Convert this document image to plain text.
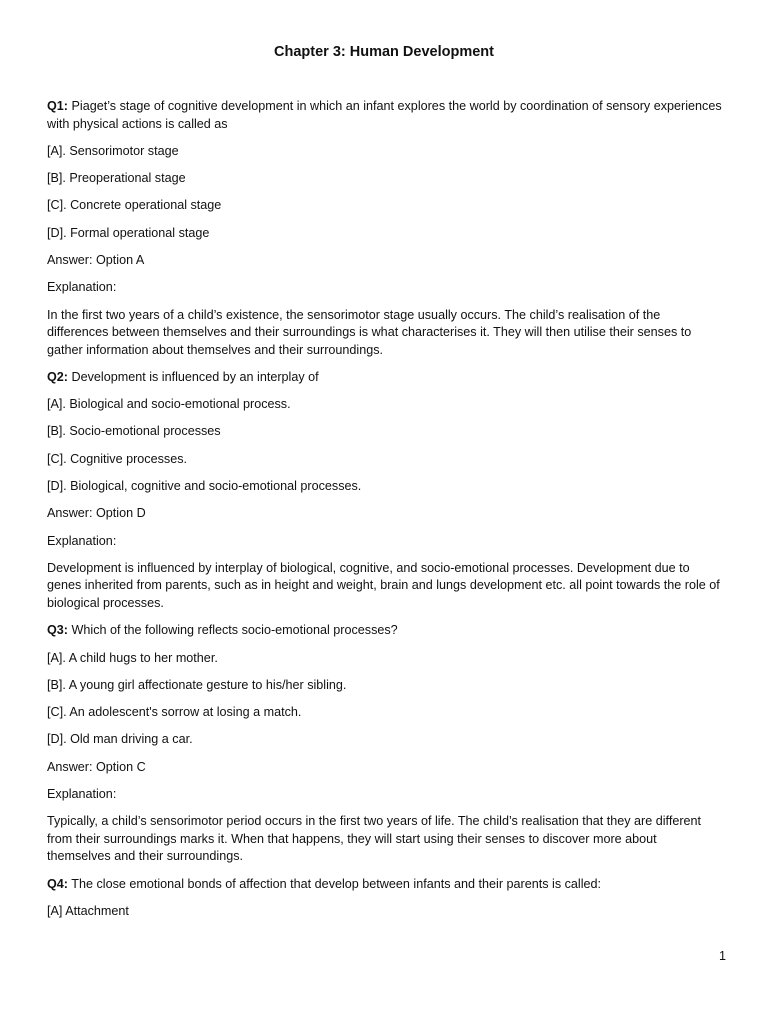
Chapter 3: Human Development

Q1: Piaget’s stage of cognitive development in which an infant explores the world by coordination of sensory experiences with physical actions is called as

[A]. Sensorimotor stage

[B]. Preoperational stage

[C]. Concrete operational stage

[D]. Formal operational stage

Answer: Option A

Explanation:

In the first two years of a child’s existence, the sensorimotor stage usually occurs. The child’s realisation of the differences between themselves and their surroundings is what characterises it. They will then utilise their senses to gather information about themselves and their surroundings.

Q2: Development is influenced by an interplay of

[A]. Biological and socio-emotional process.

[B]. Socio-emotional processes

[C]. Cognitive processes.

[D]. Biological, cognitive and socio-emotional processes.

Answer: Option D

Explanation:

Development is influenced by interplay of biological, cognitive, and socio-emotional processes. Development due to genes inherited from parents, such as in height and weight, brain and lungs development etc. all point towards the role of biological processes.

Q3: Which of the following reflects socio-emotional processes?

[A]. A child hugs to her mother.

[B]. A young girl affectionate gesture to his/her sibling.

[C]. An adolescent's sorrow at losing a match.

[D]. Old man driving a car.

Answer: Option C

Explanation:

Typically, a child’s sensorimotor period occurs in the first two years of life. The child’s realisation that they are different from their surroundings marks it. When that happens, they will start using their senses to discover more about themselves and their surroundings.

Q4: The close emotional bonds of affection that develop between infants and their parents is called:

[A] Attachment

1
